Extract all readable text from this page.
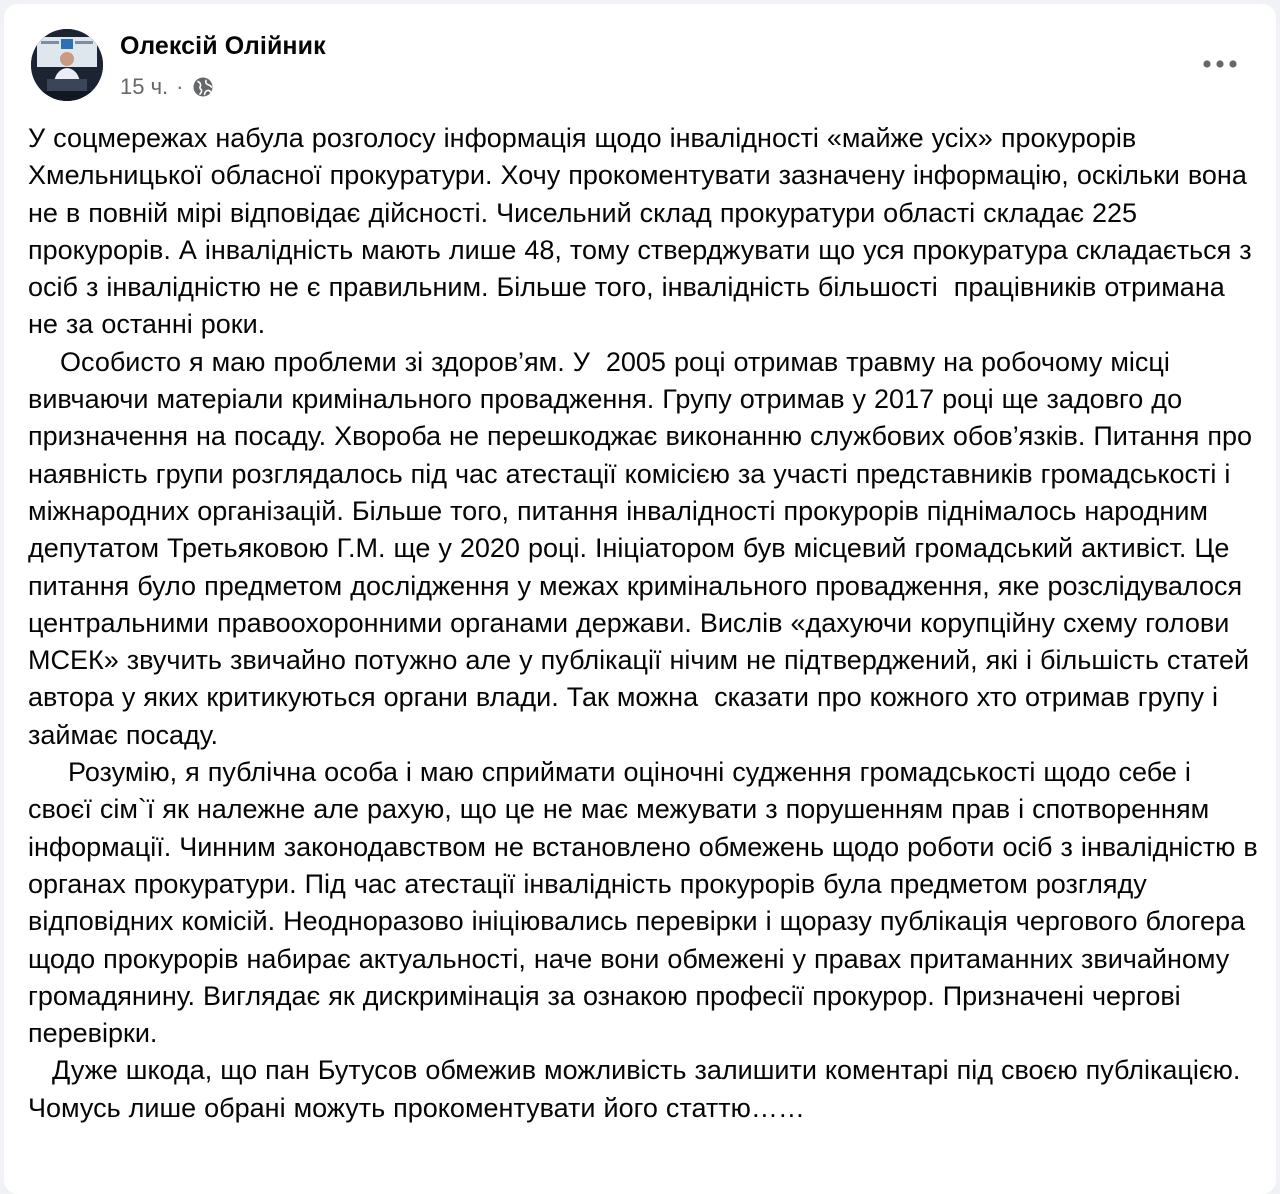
Олексій Олійник
15 ч. ·

У соцмережах набула розголосу інформація щодо інвалідності «майже усіх» прокурорів Хмельницької обласної прокуратури. Хочу прокоментувати зазначену інформацію, оскільки вона не в повній мірі відповідає дійсності. Чисельний склад прокуратури області складає 225 прокурорів. А інвалідність мають лише 48, тому стверджувати що уся прокуратура складається з осіб з інвалідністю не є правильним. Більше того, інвалідність більшості  працівників отримана не за останні роки.

Особисто я маю проблеми зі здоров’ям. У  2005 році отримав травму на робочому місці вивчаючи матеріали кримінального провадження. Групу отримав у 2017 році ще задовго до призначення на посаду. Хвороба не перешкоджає виконанню службових обов’язків. Питання про наявність групи розглядалось під час атестації комісією за участі представників громадськості і міжнародних організацій. Більше того, питання інвалідності прокурорів піднімалось народним депутатом Третьяковою Г.М. ще у 2020 році. Ініціатором був місцевий громадський активіст. Це питання було предметом дослідження у межах кримінального провадження, яке розслідувалося центральними правоохоронними органами держави. Вислів «дахуючи корупційну схему голови МСЕК» звучить звичайно потужно але у публікації нічим не підтверджений, які і більшість статей автора у яких критикуються органи влади. Так можна  сказати про кожного хто отримав групу і займає посаду.

Розумію, я публічна особа і маю сприймати оціночні судження громадськості щодо себе і своєї сім`ї як належне але рахую, що це не має межувати з порушенням прав і спотворенням інформації. Чинним законодавством не встановлено обмежень щодо роботи осіб з інвалідністю в органах прокуратури. Під час атестації інвалідність прокурорів була предметом розгляду відповідних комісій. Неодноразово ініціювались перевірки і щоразу публікація чергового блогера щодо прокурорів набирає актуальності, наче вони обмежені у правах притаманних звичайному громадянину. Виглядає як дискримінація за ознакою професії прокурор. Призначені чергові перевірки.

Дуже шкода, що пан Бутусов обмежив можливість залишити коментарі під своєю публікацією. Чомусь лише обрані можуть прокоментувати його статтю……
